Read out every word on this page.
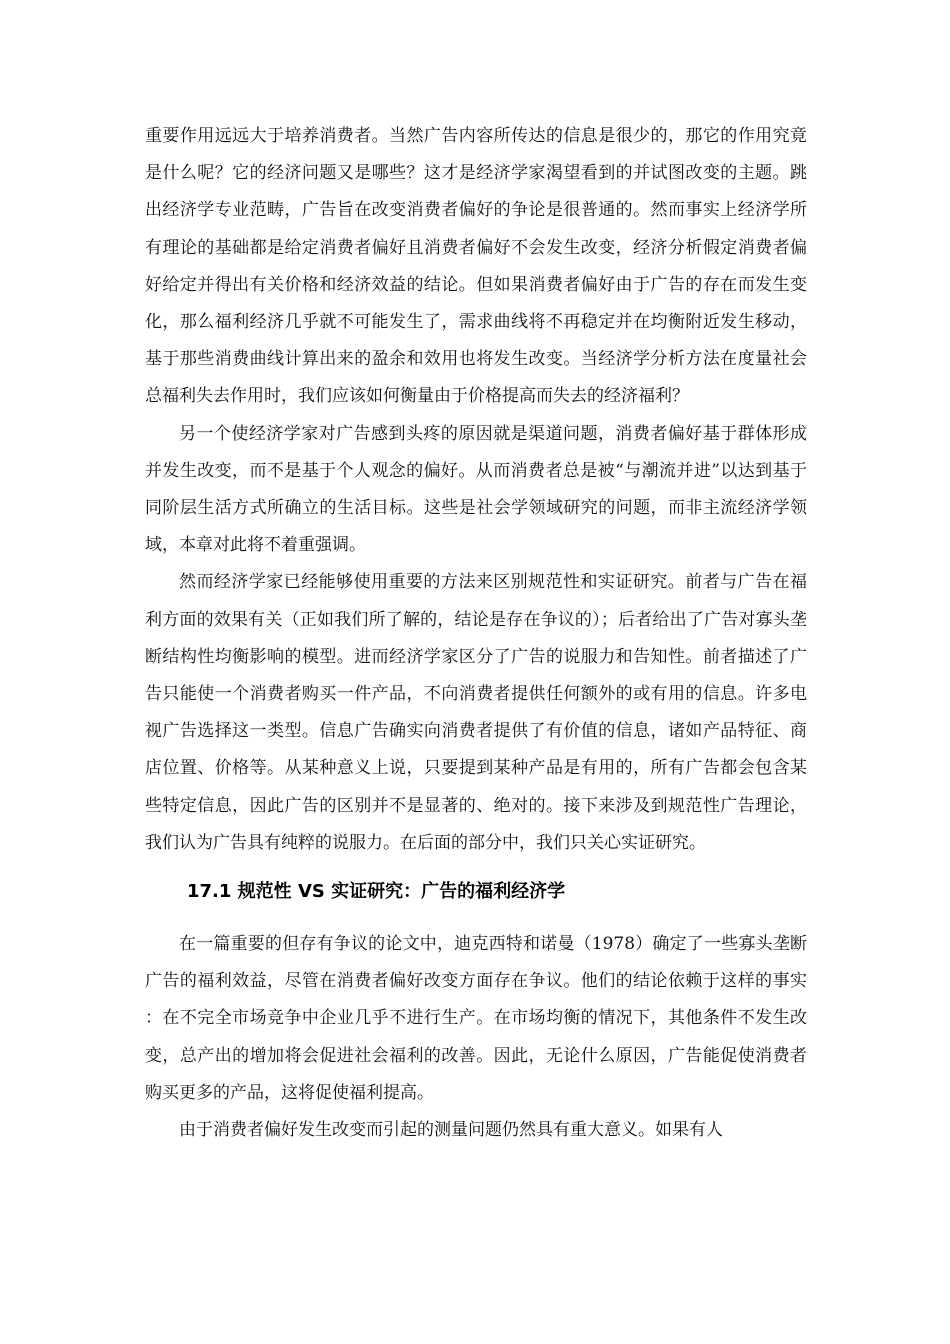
重要作用远远大于培养消费者。当然广告内容所传达的信息是很少的，那它的作用究竟是什么呢？它的经济问题又是哪些？这才是经济学家渴望看到的并试图改变的主题。跳出经济学专业范畴，广告旨在改变消费者偏好的争论是很普通的。然而事实上经济学所有理论的基础都是给定消费者偏好且消费者偏好不会发生改变，经济分析假定消费者偏好给定并得出有关价格和经济效益的结论。但如果消费者偏好由于广告的存在而发生变化，那么福利经济几乎就不可能发生了，需求曲线将不再稳定并在均衡附近发生移动，基于那些消费曲线计算出来的盈余和效用也将发生改变。当经济学分析方法在度量社会总福利失去作用时，我们应该如何衡量由于价格提高而失去的经济福利？

另一个使经济学家对广告感到头疼的原因就是渠道问题，消费者偏好基于群体形成并发生改变，而不是基于个人观念的偏好。从而消费者总是被“与潮流并进”以达到基于同阶层生活方式所确立的生活目标。这些是社会学领域研究的问题，而非主流经济学领域，本章对此将不着重强调。

然而经济学家已经能够使用重要的方法来区别规范性和实证研究。前者与广告在福利方面的效果有关（正如我们所了解的，结论是存在争议的）；后者给出了广告对寡头垄断结构性均衡影响的模型。进而经济学家区分了广告的说服力和告知性。前者描述了广告只能使一个消费者购买一件产品，不向消费者提供任何额外的或有用的信息。许多电视广告选择这一类型。信息广告确实向消费者提供了有价值的信息，诸如产品特征、商店位置、价格等。从某种意义上说，只要提到某种产品是有用的，所有广告都会包含某些特定信息，因此广告的区别并不是显著的、绝对的。接下来涉及到规范性广告理论，我们认为广告具有纯粹的说服力。在后面的部分中，我们只关心实证研究。

17.1 规范性 VS 实证研究：广告的福利经济学

在一篇重要的但存有争议的论文中，迪克西特和诺曼（1978）确定了一些寡头垄断广告的福利效益，尽管在消费者偏好改变方面存在争议。他们的结论依赖于这样的事实：在不完全市场竞争中企业几乎不进行生产。在市场均衡的情况下，其他条件不发生改变，总产出的增加将会促进社会福利的改善。因此，无论什么原因，广告能促使消费者购买更多的产品，这将促使福利提高。

由于消费者偏好发生改变而引起的测量问题仍然具有重大意义。如果有人
